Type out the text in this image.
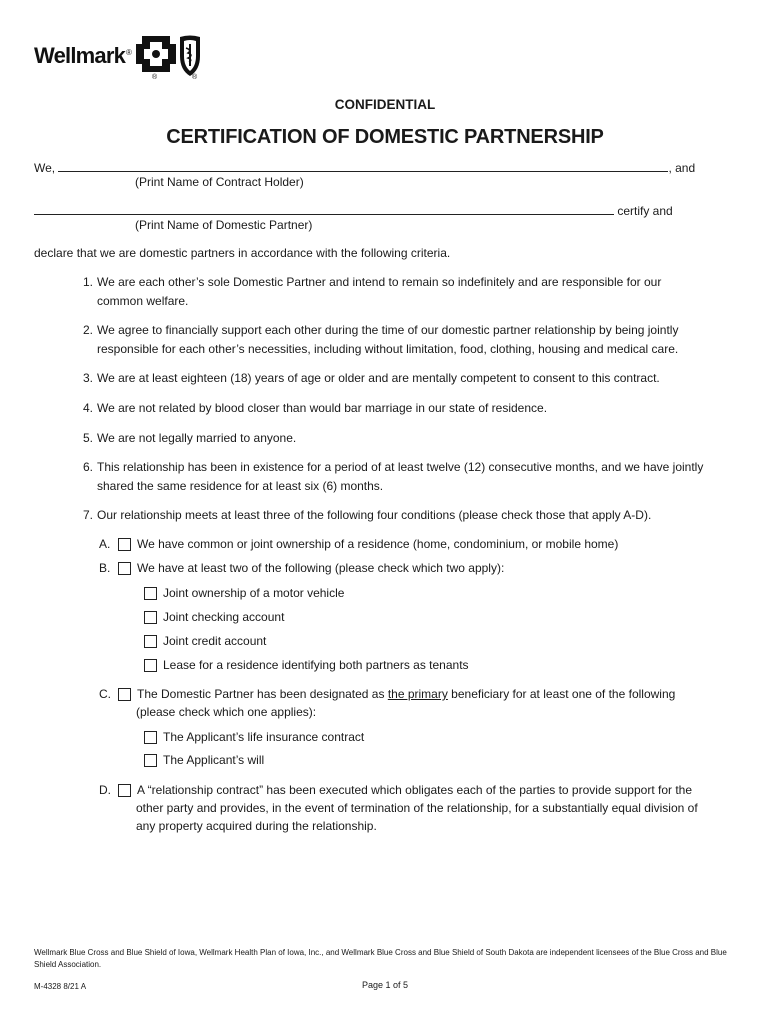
Wellmark ®
®	®
CONFIDENTIAL
CERTIFICATION OF DOMESTIC PARTNERSHIP
We,	, and
(Print Name of Contract Holder)
certify and
(Print Name of Domestic Partner)
declare that we are domestic partners in accordance with the following criteria.
1. We are each other’s sole Domestic Partner and intend to remain so indefinitely and are responsible for our
common welfare.
2. We agree to financially support each other during the time of our domestic partner relationship by being jointly
responsible for each other’s necessities, including without limitation, food, clothing, housing and medical care.
3. We are at least eighteen (18) years of age or older and are mentally competent to consent to this contract.
4. We are not related by blood closer than would bar marriage in our state of residence.
5. We are not legally married to anyone.
6. This relationship has been in existence for a period of at least twelve (12) consecutive months, and we have jointly
shared the same residence for at least six (6) months.
7. Our relationship meets at least three of the following four conditions (please check those that apply A-D).
A.	We have common or joint ownership of a residence (home, condominium, or mobile home)
B.	We have at least two of the following (please check which two apply):
Joint ownership of a motor vehicle
Joint checking account
Joint credit account
Lease for a residence identifying both partners as tenants
C.	The Domestic Partner has been designated as the primary beneficiary for at least one of the following
(please check which one applies):
The Applicant’s life insurance contract
The Applicant’s will
D.	A “relationship contract” has been executed which obligates each of the parties to provide support for the
other party and provides, in the event of termination of the relationship, for a substantially equal division of
any property acquired during the relationship.
Wellmark Blue Cross and Blue Shield of Iowa, Wellmark Health Plan of Iowa, Inc., and Wellmark Blue Cross and Blue Shield of South Dakota are independent licensees of the Blue Cross and Blue Shield Association.
M-4328 8/21 A	Page 1 of 5
